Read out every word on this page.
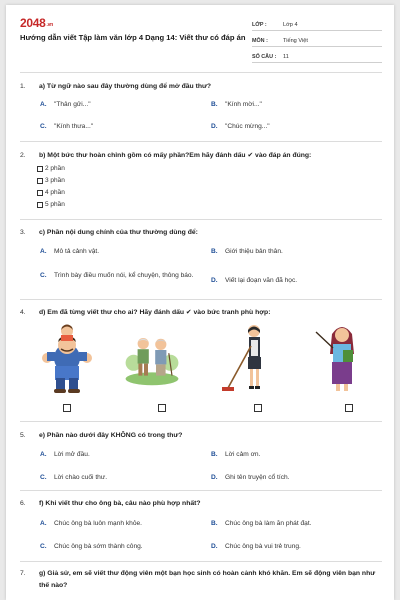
2048.vn
Hướng dẫn viết Tập làm văn lớp 4 Dạng 14: Viết thư có đáp án
LỚP :	Lớp 4
MÔN :	Tiếng Việt
SỐ CÂU :	11
1.	a) Từ ngữ nào sau đây thường dùng để mở đầu thư?
A.	"Thân gửi..."	B.	"Kính mời..."
C.	"Kính thưa..."	D.	"Chúc mừng..."
2.	b) Một bức thư hoàn chỉnh gồm có mấy phần?Em hãy đánh dấu ✔ vào đáp án đúng:
2 phần
3 phần
4 phần
5 phần
3.	c) Phần nội dung chính của thư thường dùng để:
A.	Mô tả cảnh vật.	B.	Giới thiệu bản thân.
C.	Trình bày điều muốn nói, kể chuyện, thông báo.
D.	Viết lại đoạn văn đã học.
4.	d) Em đã từng viết thư cho ai? Hãy đánh dấu ✔ vào bức tranh phù hợp:
5.	e) Phần nào dưới đây KHÔNG có trong thư?
A.	Lời mở đầu.	B.	Lời cảm ơn.
C.	Lời chào cuối thư.	D.	Ghi tên truyện cổ tích.
6.	f) Khi viết thư cho ông bà, câu nào phù hợp nhất?
A.	Chúc ông bà luôn mạnh khỏe.	B.	Chúc ông bà làm ăn phát đạt.
C.	Chúc ông bà sớm thành công.	D.	Chúc ông bà vui trẻ trung.
7.	g) Giả sử, em sẽ viết thư động viên một bạn học sinh có hoàn cảnh khó khăn. Em sẽ động viên bạn như thế nào?
